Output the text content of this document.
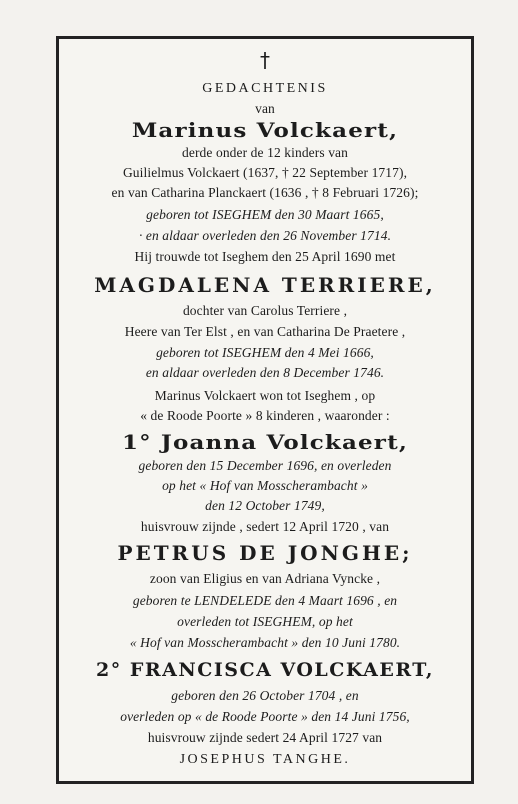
†
GEDACHTENIS
van
Marinus Volckaert,
derde onder de 12 kinders van
Guilielmus Volckaert (1637, † 22 September 1717),
en van Catharina Planckaert (1636 , † 8 Februari 1726);
geboren tot ISEGHEM den 30 Maart 1665,
· en aldaar overleden den 26 November 1714.
Hij trouwde tot Iseghem den 25 April 1690 met
MAGDALENA TERRIERE,
dochter van Carolus Terriere ,
Heere van Ter Elst , en van Catharina De Praetere ,
geboren tot ISEGHEM den 4 Mei 1666,
en aldaar overleden den 8 December 1746.
Marinus Volckaert won tot Iseghem , op
« de Roode Poorte » 8 kinderen , waaronder :
1° Joanna Volckaert,
geboren den 15 December 1696, en overleden
op het « Hof van Mosscherambacht »
den 12 October 1749,
huisvrouw zijnde , sedert 12 April 1720 , van
PETRUS DE JONGHE;
zoon van Eligius en van Adriana Vyncke ,
geboren te LENDELEDE den 4 Maart 1696 , en
overleden tot ISEGHEM, op het
« Hof van Mosscherambacht » den 10 Juni 1780.
2° FRANCISCA VOLCKAERT,
geboren den 26 October 1704 , en
overleden op « de Roode Poorte » den 14 Juni 1756,
huisvrouw zijnde sedert 24 April 1727 van
JOSEPHUS TANGHE.
